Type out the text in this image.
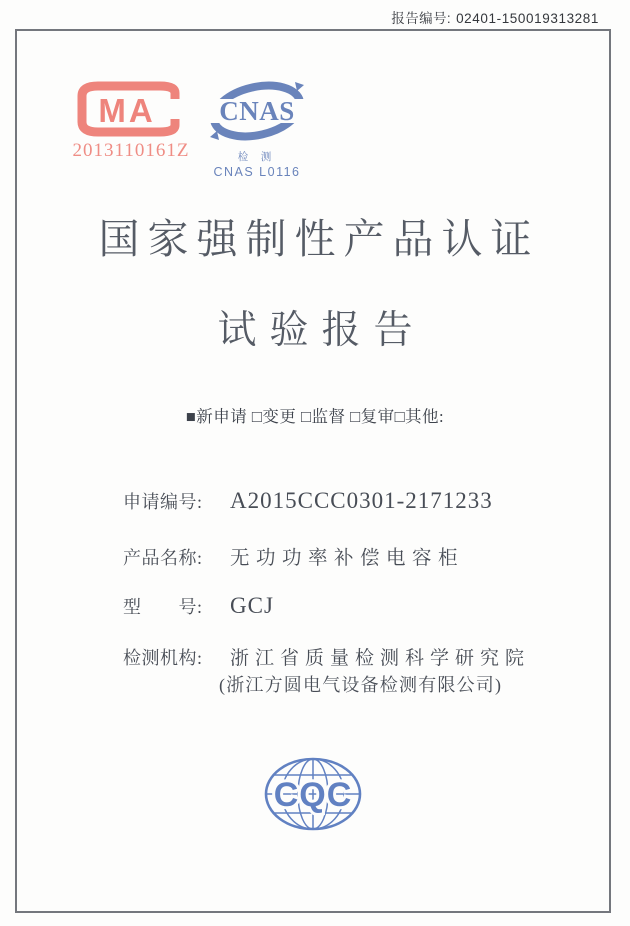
报告编号: 02401-150019313281
MA
2013110161Z
CNAS
检 测
CNAS L0116
国家强制性产品认证
试验报告
■新申请 □变更 □监督 □复审□其他:
申请编号: A2015CCC0301-2171233
产品名称: 无功功率补偿电容柜
型　　号: GCJ
检测机构: 浙江省质量检测科学研究院
(浙江方圆电气设备检测有限公司)
CQC
